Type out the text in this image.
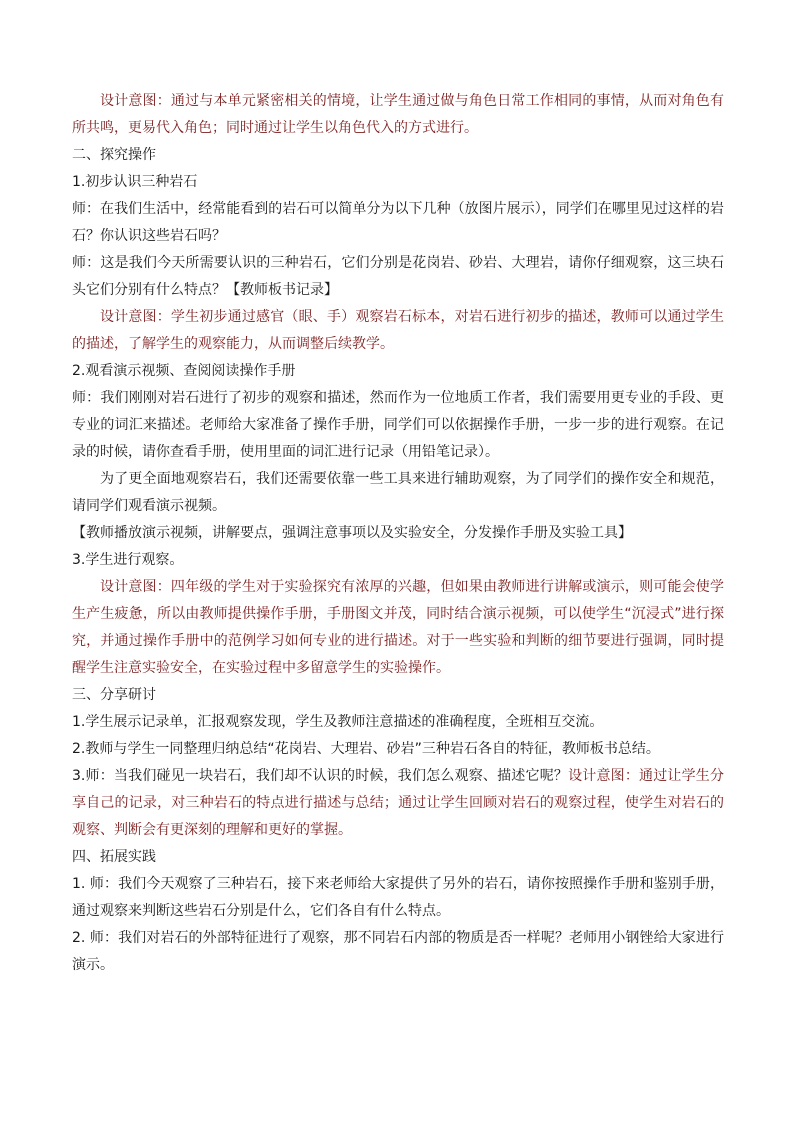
设计意图：通过与本单元紧密相关的情境，让学生通过做与角色日常工作相同的事情，从而对角色有所共鸣，更易代入角色；同时通过让学生以角色代入的方式进行。

二、探究操作

1.初步认识三种岩石

师：在我们生活中，经常能看到的岩石可以简单分为以下几种（放图片展示），同学们在哪里见过这样的岩石？你认识这些岩石吗？

师：这是我们今天所需要认识的三种岩石，它们分别是花岗岩、砂岩、大理岩，请你仔细观察，这三块石头它们分别有什么特点？【教师板书记录】

设计意图：学生初步通过感官（眼、手）观察岩石标本，对岩石进行初步的描述，教师可以通过学生的描述，了解学生的观察能力，从而调整后续教学。

2.观看演示视频、查阅阅读操作手册

师：我们刚刚对岩石进行了初步的观察和描述，然而作为一位地质工作者，我们需要用更专业的手段、更专业的词汇来描述。老师给大家准备了操作手册，同学们可以依据操作手册，一步一步的进行观察。在记录的时候，请你查看手册，使用里面的词汇进行记录（用铅笔记录）。

为了更全面地观察岩石，我们还需要依靠一些工具来进行辅助观察，为了同学们的操作安全和规范，请同学们观看演示视频。

【教师播放演示视频，讲解要点，强调注意事项以及实验安全，分发操作手册及实验工具】

3.学生进行观察。

设计意图：四年级的学生对于实验探究有浓厚的兴趣，但如果由教师进行讲解或演示，则可能会使学生产生疲惫，所以由教师提供操作手册，手册图文并茂，同时结合演示视频，可以使学生“沉浸式”进行探究，并通过操作手册中的范例学习如何专业的进行描述。对于一些实验和判断的细节要进行强调，同时提醒学生注意实验安全，在实验过程中多留意学生的实验操作。

三、分享研讨

1.学生展示记录单，汇报观察发现，学生及教师注意描述的准确程度，全班相互交流。

2.教师与学生一同整理归纳总结“花岗岩、大理岩、砂岩”三种岩石各自的特征，教师板书总结。

3.师：当我们碰见一块岩石，我们却不认识的时候，我们怎么观察、描述它呢？设计意图：通过让学生分享自己的记录，对三种岩石的特点进行描述与总结；通过让学生回顾对岩石的观察过程，使学生对岩石的观察、判断会有更深刻的理解和更好的掌握。

四、拓展实践

1. 师：我们今天观察了三种岩石，接下来老师给大家提供了另外的岩石，请你按照操作手册和鉴别手册，通过观察来判断这些岩石分别是什么，它们各自有什么特点。

2. 师：我们对岩石的外部特征进行了观察，那不同岩石内部的物质是否一样呢？老师用小钢锉给大家进行演示。
